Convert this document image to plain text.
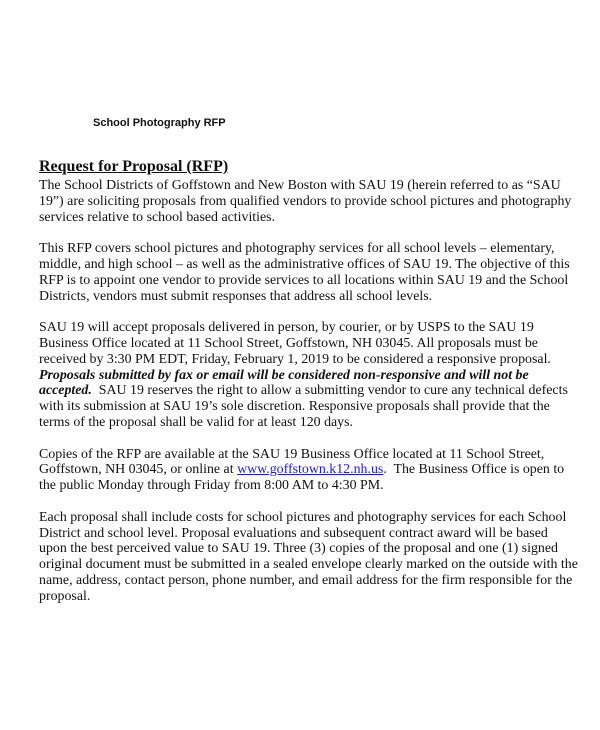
School Photography RFP
Request for Proposal (RFP)
The School Districts of Goffstown and New Boston with SAU 19 (herein referred to as “SAU
19”) are soliciting proposals from qualified vendors to provide school pictures and photography
services relative to school based activities.
This RFP covers school pictures and photography services for all school levels – elementary,
middle, and high school – as well as the administrative offices of SAU 19. The objective of this
RFP is to appoint one vendor to provide services to all locations within SAU 19 and the School
Districts, vendors must submit responses that address all school levels.
SAU 19 will accept proposals delivered in person, by courier, or by USPS to the SAU 19
Business Office located at 11 School Street, Goffstown, NH 03045. All proposals must be
received by 3:30 PM EDT, Friday, February 1, 2019 to be considered a responsive proposal.
Proposals submitted by fax or email will be considered non-responsive and will not be
accepted.  SAU 19 reserves the right to allow a submitting vendor to cure any technical defects
with its submission at SAU 19’s sole discretion. Responsive proposals shall provide that the
terms of the proposal shall be valid for at least 120 days.
Copies of the RFP are available at the SAU 19 Business Office located at 11 School Street,
Goffstown, NH 03045, or online at www.goffstown.k12.nh.us.  The Business Office is open to
the public Monday through Friday from 8:00 AM to 4:30 PM.
Each proposal shall include costs for school pictures and photography services for each School
District and school level. Proposal evaluations and subsequent contract award will be based
upon the best perceived value to SAU 19. Three (3) copies of the proposal and one (1) signed
original document must be submitted in a sealed envelope clearly marked on the outside with the
name, address, contact person, phone number, and email address for the firm responsible for the
proposal.
